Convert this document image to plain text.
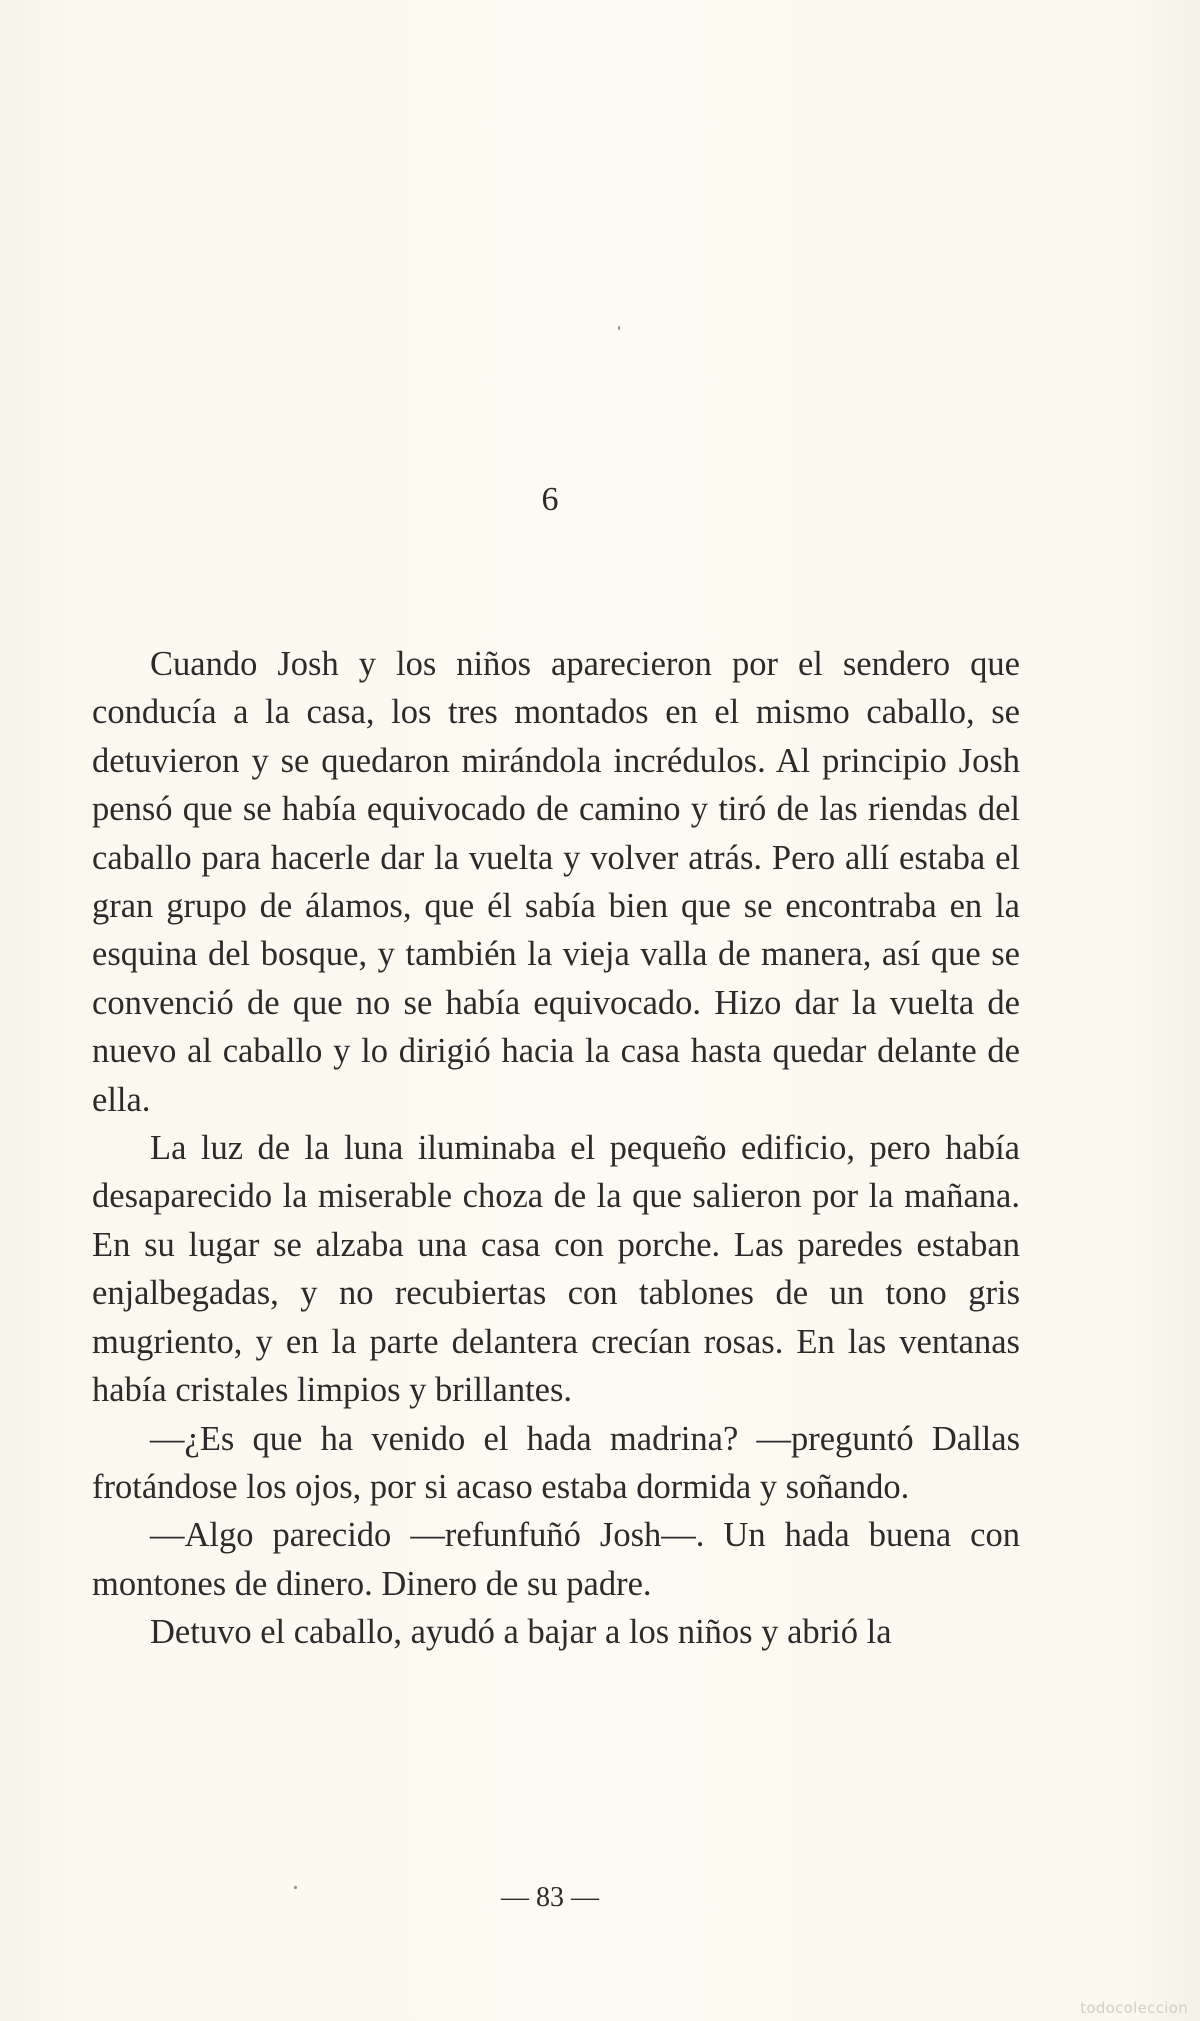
6

Cuando Josh y los niños aparecieron por el sendero que conducía a la casa, los tres montados en el mismo caballo, se detuvieron y se quedaron mirándola incrédulos. Al principio Josh pensó que se había equivocado de camino y tiró de las riendas del caballo para hacerle dar la vuelta y volver atrás. Pero allí estaba el gran grupo de álamos, que él sabía bien que se encontraba en la esquina del bosque, y también la vieja valla de manera, así que se convenció de que no se había equivocado. Hizo dar la vuelta de nuevo al caballo y lo dirigió hacia la casa hasta quedar delante de ella.

La luz de la luna iluminaba el pequeño edificio, pero había desaparecido la miserable choza de la que salieron por la mañana. En su lugar se alzaba una casa con porche. Las paredes estaban enjalbegadas, y no recubiertas con tablones de un tono gris mugriento, y en la parte delantera crecían rosas. En las ventanas había cristales limpios y brillantes.

—¿Es que ha venido el hada madrina? —preguntó Dallas frotándose los ojos, por si acaso estaba dormida y soñando.

—Algo parecido —refunfuñó Josh—. Un hada buena con montones de dinero. Dinero de su padre.

Detuvo el caballo, ayudó a bajar a los niños y abrió la

— 83 —
todocoleccion
